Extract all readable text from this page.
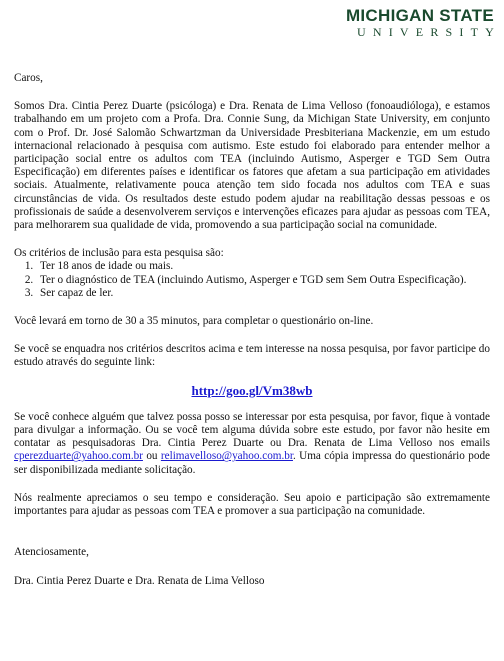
MICHIGAN STATE
UNIVERSITY

Caros,

Somos Dra. Cintia Perez Duarte (psicóloga) e Dra. Renata de Lima Velloso (fonoaudióloga), e estamos trabalhando em um projeto com a Profa. Dra. Connie Sung, da Michigan State University, em conjunto com o Prof. Dr. José Salomão Schwartzman da Universidade Presbiteriana Mackenzie, em um estudo internacional relacionado à pesquisa com autismo. Este estudo foi elaborado para entender melhor a participação social entre os adultos com TEA (incluindo Autismo, Asperger e TGD Sem Outra Especificação) em diferentes países e identificar os fatores que afetam a sua participação em atividades sociais. Atualmente, relativamente pouca atenção tem sido focada nos adultos com TEA e suas circunstâncias de vida. Os resultados deste estudo podem ajudar na reabilitação dessas pessoas e os profissionais de saúde a desenvolverem serviços e intervenções eficazes para ajudar as pessoas com TEA, para melhorarem sua qualidade de vida, promovendo a sua participação social na comunidade.

Os critérios de inclusão para esta pesquisa são:

1. Ter 18 anos de idade ou mais.
2. Ter o diagnóstico de TEA (incluindo Autismo, Asperger e TGD sem Sem Outra Especificação).
3. Ser capaz de ler.

Você levará em torno de 30 a 35 minutos, para completar o questionário on-line.

Se você se enquadra nos critérios descritos acima e tem interesse na nossa pesquisa, por favor participe do estudo através do seguinte link:

http://goo.gl/Vm38wb

Se você conhece alguém que talvez possa posso se interessar por esta pesquisa, por favor, fique à vontade para divulgar a informação. Ou se você tem alguma dúvida sobre este estudo, por favor não hesite em contatar as pesquisadoras Dra. Cintia Perez Duarte ou Dra. Renata de Lima Velloso nos emails cperezduarte@yahoo.com.br ou relimavelloso@yahoo.com.br. Uma cópia impressa do questionário pode ser disponibilizada mediante solicitação.

Nós realmente apreciamos o seu tempo e consideração. Seu apoio e participação são extremamente importantes para ajudar as pessoas com TEA e promover a sua participação na comunidade.

Atenciosamente,

Dra. Cintia Perez Duarte e Dra. Renata de Lima Velloso
